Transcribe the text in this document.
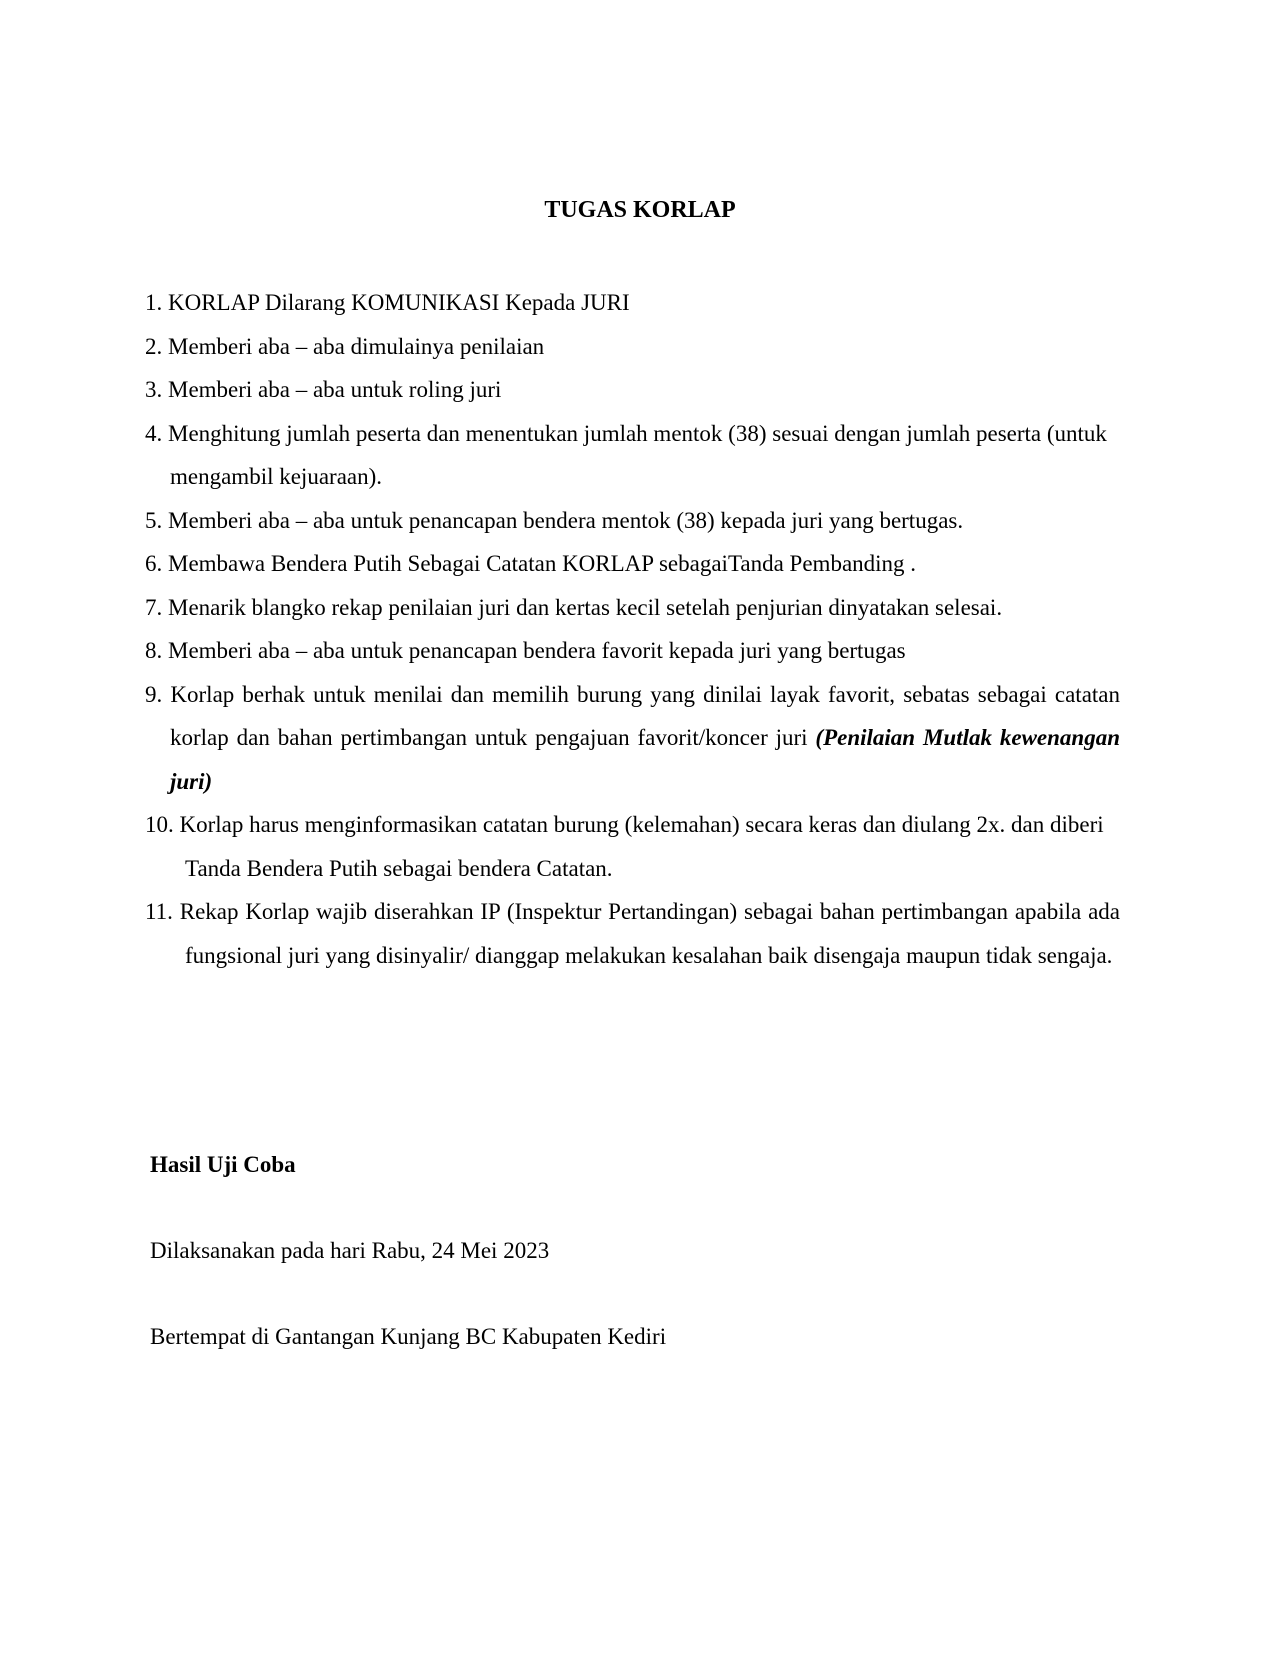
TUGAS KORLAP
1. KORLAP Dilarang KOMUNIKASI Kepada JURI
2. Memberi aba – aba dimulainya penilaian
3. Memberi aba – aba untuk roling juri
4. Menghitung jumlah peserta dan menentukan jumlah mentok (38) sesuai dengan jumlah peserta (untuk mengambil kejuaraan).
5. Memberi aba – aba untuk penancapan bendera mentok (38) kepada juri yang bertugas.
6. Membawa Bendera Putih Sebagai Catatan KORLAP sebagaiTanda Pembanding .
7. Menarik blangko rekap penilaian juri dan kertas kecil setelah penjurian dinyatakan selesai.
8. Memberi aba – aba untuk penancapan bendera favorit kepada juri yang bertugas
9. Korlap berhak untuk menilai dan memilih burung yang dinilai layak favorit, sebatas sebagai catatan korlap dan bahan pertimbangan untuk pengajuan favorit/koncer juri (Penilaian Mutlak kewenangan juri)
10. Korlap harus menginformasikan catatan burung (kelemahan) secara keras dan diulang 2x. dan diberi Tanda Bendera Putih sebagai bendera Catatan.
11. Rekap Korlap wajib diserahkan IP (Inspektur Pertandingan) sebagai bahan pertimbangan apabila ada fungsional juri yang disinyalir/ dianggap melakukan kesalahan baik disengaja maupun tidak sengaja.
Hasil Uji Coba

Dilaksanakan pada hari Rabu, 24 Mei 2023

Bertempat di Gantangan Kunjang BC Kabupaten Kediri
